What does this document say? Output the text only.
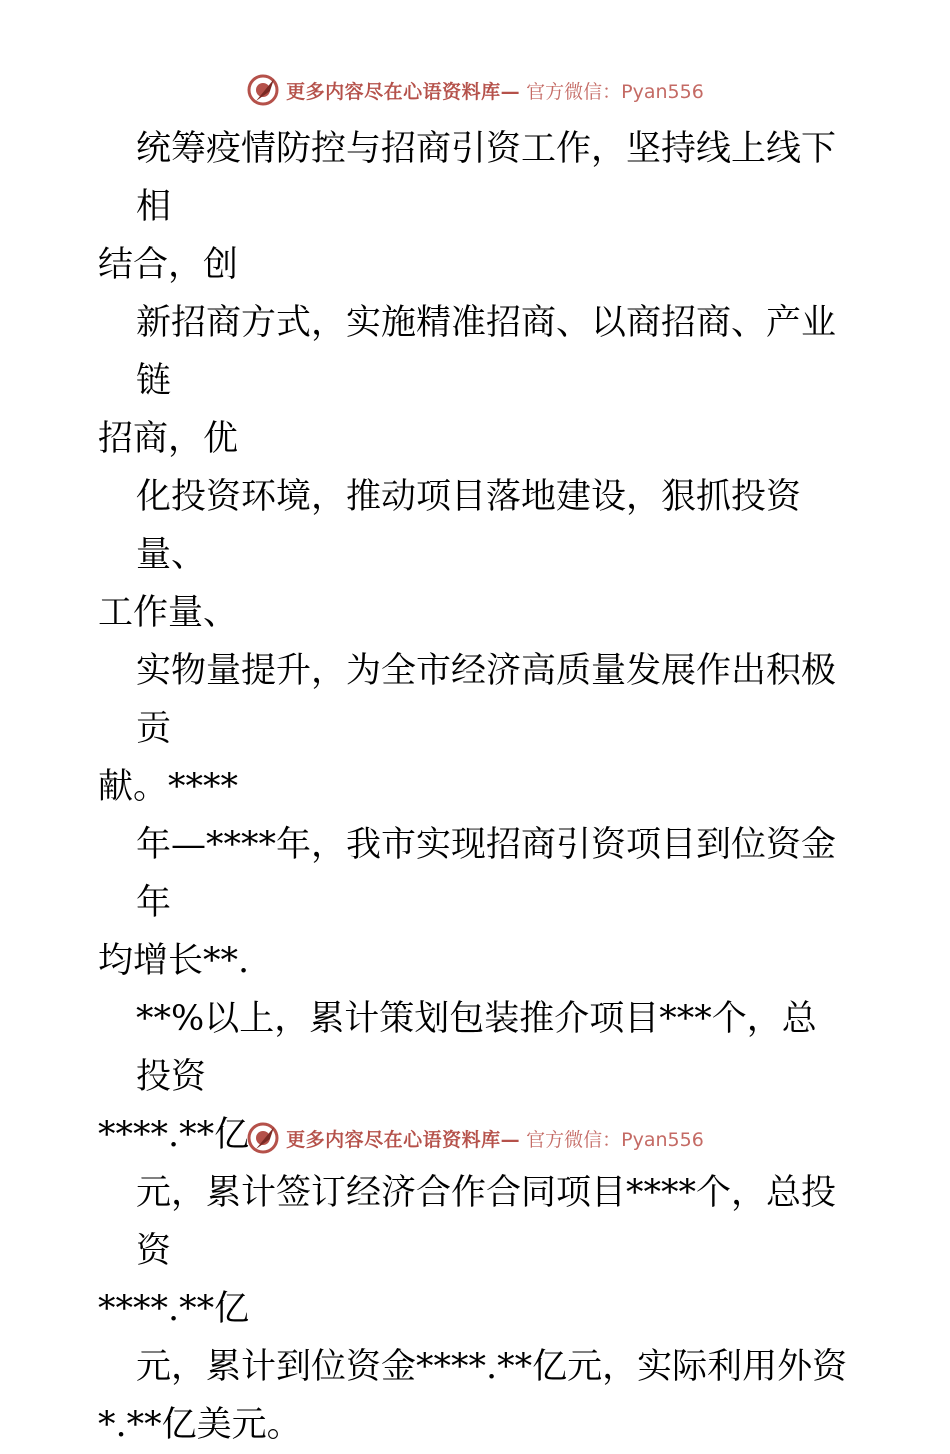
更多内容尽在心语资料库— 官方微信：Pyan556

统筹疫情防控与招商引资工作，坚持线上线下相
结合，创

新招商方式，实施精准招商、以商招商、产业链
招商，优

化投资环境，推动项目落地建设，狠抓投资量、
工作量、

实物量提升，为全市经济高质量发展作出积极贡
献。****

年—****年，我市实现招商引资项目到位资金年
均增长**.

**%以上，累计策划包装推介项目***个，总投资
****.**亿

元，累计签订经济合作合同项目****个，总投资
****.**亿

元，累计到位资金****.**亿元，实际利用外资
*.**亿美元。

更多内容尽在心语资料库— 官方微信：Pyan556
